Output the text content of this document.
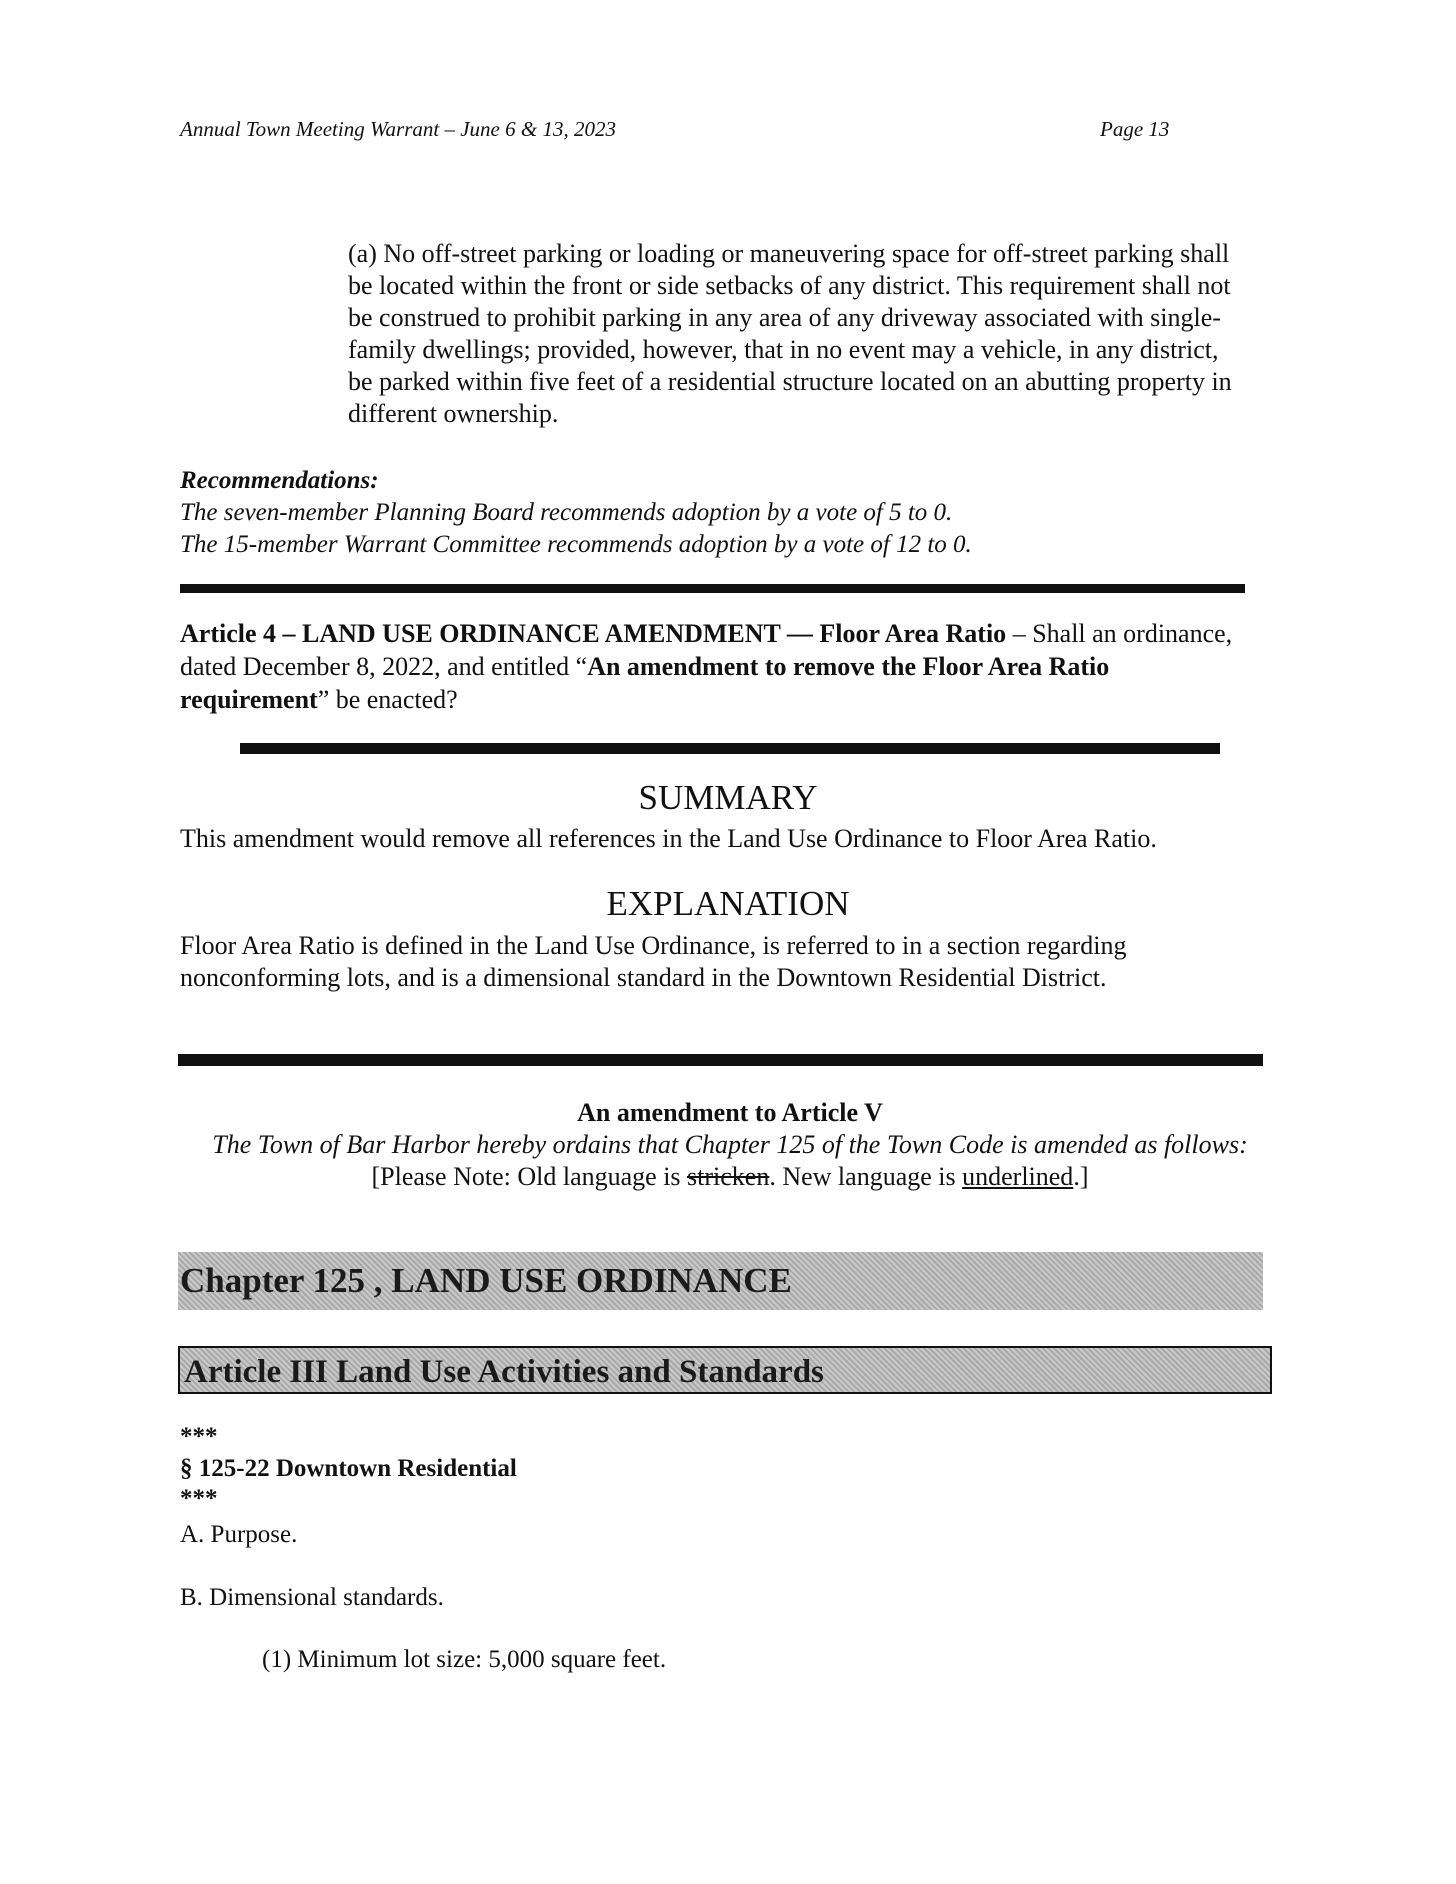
Annual Town Meeting Warrant – June 6 & 13, 2023	Page 13
(a) No off-street parking or loading or maneuvering space for off-street parking shall be located within the front or side setbacks of any district. This requirement shall not be construed to prohibit parking in any area of any driveway associated with single-family dwellings; provided, however, that in no event may a vehicle, in any district, be parked within five feet of a residential structure located on an abutting property in different ownership.
Recommendations:
The seven-member Planning Board recommends adoption by a vote of 5 to 0.
The 15-member Warrant Committee recommends adoption by a vote of 12 to 0.
Article 4 – LAND USE ORDINANCE AMENDMENT — Floor Area Ratio – Shall an ordinance, dated December 8, 2022, and entitled “An amendment to remove the Floor Area Ratio requirement” be enacted?
SUMMARY
This amendment would remove all references in the Land Use Ordinance to Floor Area Ratio.
EXPLANATION
Floor Area Ratio is defined in the Land Use Ordinance, is referred to in a section regarding nonconforming lots, and is a dimensional standard in the Downtown Residential District.
An amendment to Article V
The Town of Bar Harbor hereby ordains that Chapter 125 of the Town Code is amended as follows:
[Please Note: Old language is stricken. New language is underlined.]
Chapter 125 , LAND USE ORDINANCE
Article III Land Use Activities and Standards
***
§ 125-22 Downtown Residential
***
A. Purpose.
B. Dimensional standards.
(1) Minimum lot size: 5,000 square feet.
